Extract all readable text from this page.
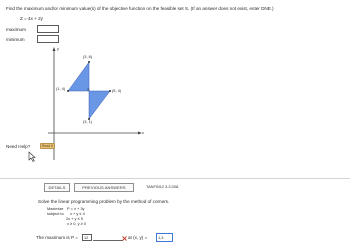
Find the maximum and/or minimum value(s) of the objective function on the feasible set S. (If an answer does not exist, enter DNE.)
Z = 4x + 2y
maximum
minimum
y
x
(3, 6)
(1, 4)	(5, 4)
(3, 1)
S
Need Help?	Read It
DETAILS	PREVIOUS ANSWERS	TANFIN12 3.3.008.
Solve the linear programming problem by the method of corners.
Maximize P = x + 3y
subject to x + y ≤ 4
2x + y ≤ 5
x ≥ 0, y ≥ 0
The maximum is P =	12	at (x, y) =	1,3
